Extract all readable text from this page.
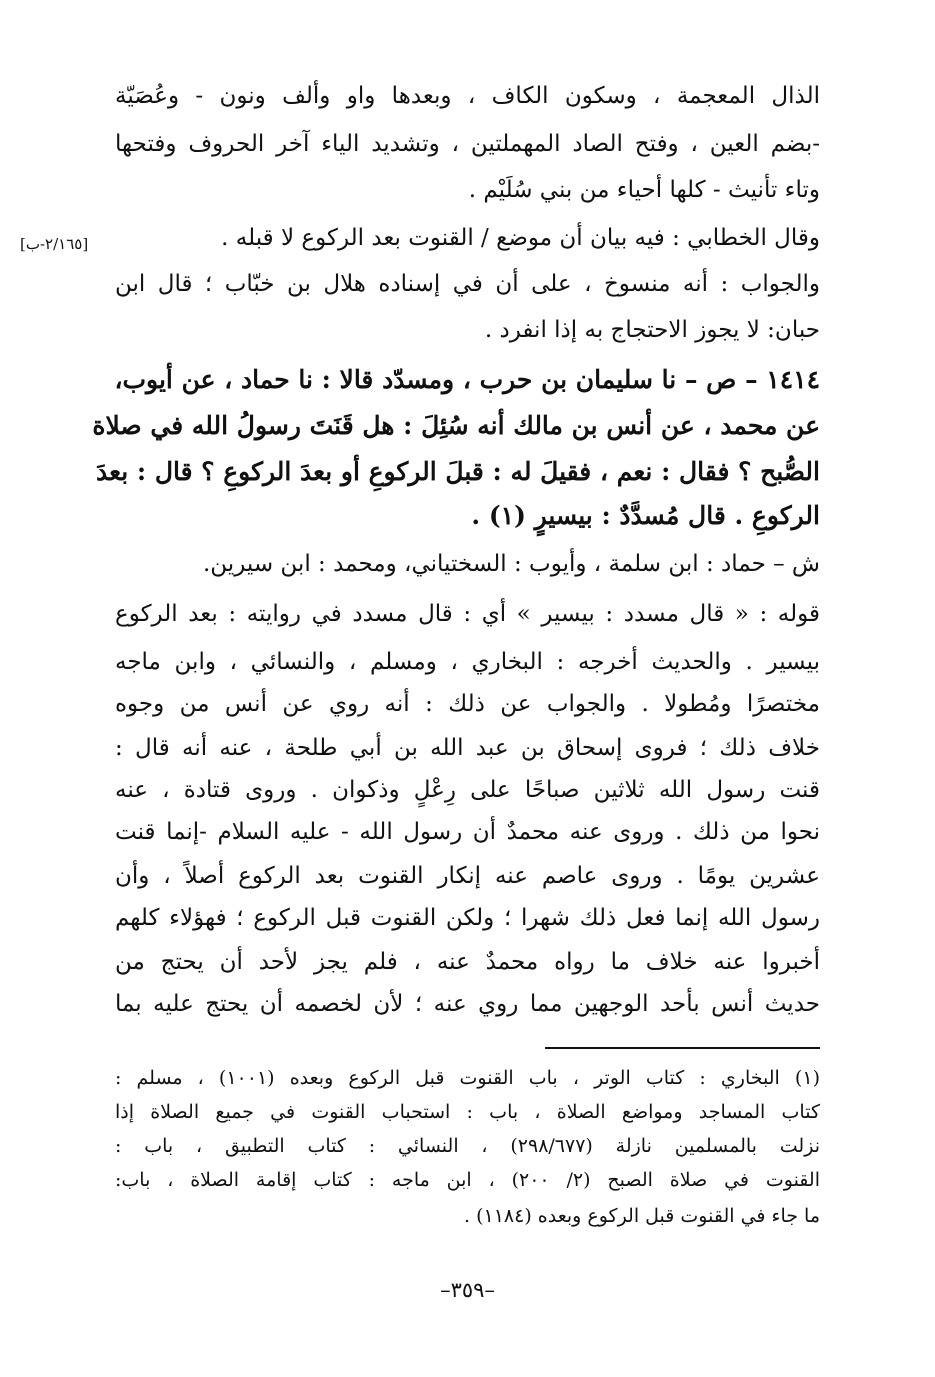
[٢/١٦٥-ب]
الذال المعجمة ، وسكون الكاف ، وبعدها واو وألف ونون - وعُصَيّة
-بضم العين ، وفتح الصاد المهملتين ، وتشديد الياء آخر الحروف وفتحها
وتاء تأنيث - كلها أحياء من بني سُلَيْم .
وقال الخطابي : فيه بيان أن موضع / القنوت بعد الركوع لا قبله .
والجواب : أنه منسوخ ، على أن في إسناده هلال بن خبّاب ؛ قال ابن
حبان: لا يجوز الاحتجاج به إذا انفرد .
١٤١٤ – ص – نا سليمان بن حرب ، ومسدّد قالا : نا حماد ، عن أيوب،
عن محمد ، عن أنس بن مالك أنه سُئِلَ : هل قَنَتَ رسولُ الله في صلاة
الصُّبح ؟ فقال : نعم ، فقيلَ له : قبلَ الركوعِ أو بعدَ الركوعِ ؟ قال : بعدَ
الركوعِ . قال مُسدَّدٌ : بيسيرٍ (١) .
ش – حماد : ابن سلمة ، وأيوب : السختياني، ومحمد : ابن سيرين.
قوله : « قال مسدد : بيسير » أي : قال مسدد في روايته : بعد الركوع
بيسير . والحديث أخرجه : البخاري ، ومسلم ، والنسائي ، وابن ماجه
مختصرًا ومُطولا . والجواب عن ذلك : أنه روي عن أنس من وجوه
خلاف ذلك ؛ فروى إسحاق بن عبد الله بن أبي طلحة ، عنه أنه قال :
قنت رسول الله ثلاثين صباحًا على رِعْلٍ وذكوان . وروى قتادة ، عنه
نحوا من ذلك . وروى عنه محمدٌ أن رسول الله - عليه السلام -إنما قنت
عشرين يومًا . وروى عاصم عنه إنكار القنوت بعد الركوع أصلاً ، وأن
رسول الله إنما فعل ذلك شهرا ؛ ولكن القنوت قبل الركوع ؛ فهؤلاء كلهم
أخبروا عنه خلاف ما رواه محمدٌ عنه ، فلم يجز لأحد أن يحتج من
حديث أنس بأحد الوجهين مما روي عنه ؛ لأن لخصمه أن يحتج عليه بما
(١) البخاري : كتاب الوتر ، باب القنوت قبل الركوع وبعده (١٠٠١) ، مسلم :
كتاب المساجد ومواضع الصلاة ، باب : استحباب القنوت في جميع الصلاة إذا
نزلت بالمسلمين نازلة (٢٩٨/٦٧٧) ، النسائي : كتاب التطبيق ، باب :
القنوت في صلاة الصبح (٢/ ٢٠٠) ، ابن ماجه : كتاب إقامة الصلاة ، باب:
ما جاء في القنوت قبل الركوع وبعده (١١٨٤) .
–٣٥٩–
